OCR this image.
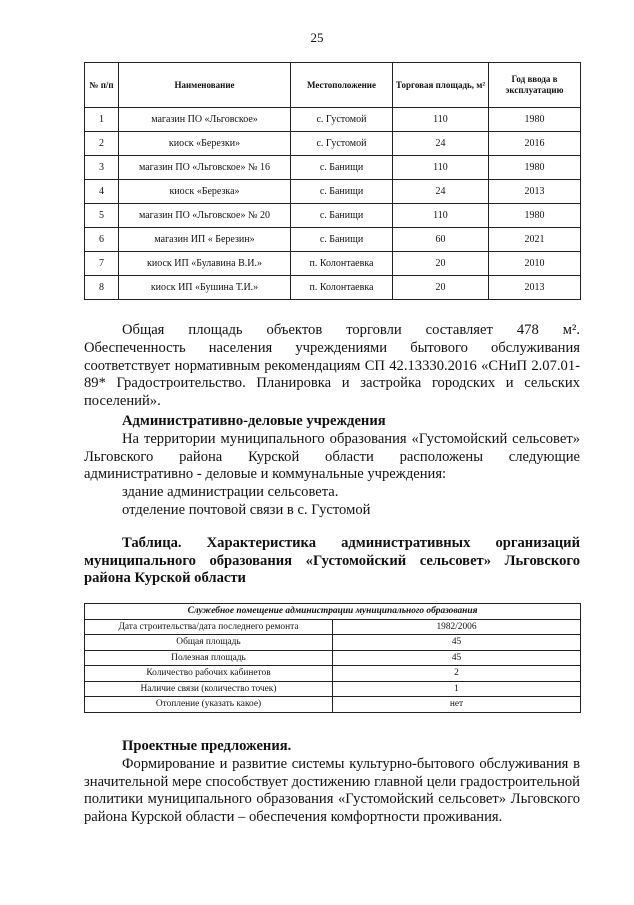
25
№ п/п	Наименование	Местоположение	Торговая площадь, м²	Год ввода в эксплуатацию
1	магазин ПО «Льговское»	с. Густомой	110	1980
2	киоск «Березки»	с. Густомой	24	2016
3	магазин ПО «Льговское» № 16	с. Банищи	110	1980
4	киоск «Березка»	с. Банищи	24	2013
5	магазин ПО «Льговское» № 20	с. Банищи	110	1980
6	магазин ИП « Березин»	с. Банищи	60	2021
7	киоск ИП «Булавина В.И.»	п. Колонтаевка	20	2010
8	киоск ИП «Бушина Т.И.»	п. Колонтаевка	20	2013
Общая площадь объектов торговли составляет 478 м².
Обеспеченность населения учреждениями бытового обслуживания соответствует нормативным рекомендациям СП 42.13330.2016 «СНиП 2.07.01-89* Градостроительство. Планировка и застройка городских и сельских поселений».
Административно-деловые учреждения
На территории муниципального образования «Густомойский сельсовет» Льговского района Курской области расположены следующие административно - деловые и коммунальные учреждения:
здание администрации сельсовета.
отделение почтовой связи в с. Густомой
Таблица. Характеристика административных организаций муниципального образования «Густомойский сельсовет» Льговского района Курской области
Служебное помещение администрации муниципального образования	
Дата строительства/дата последнего ремонта	1982/2006
Общая площадь	45
Полезная площадь	45
Количество рабочих кабинетов	2
Наличие связи (количество точек)	1
Отопление (указать какое)	нет
Проектные предложения.
Формирование и развитие системы культурно-бытового обслуживания в значительной мере способствует достижению главной цели градостроительной политики муниципального образования «Густомойский сельсовет» Льговского района Курской области – обеспечения комфортности проживания.
